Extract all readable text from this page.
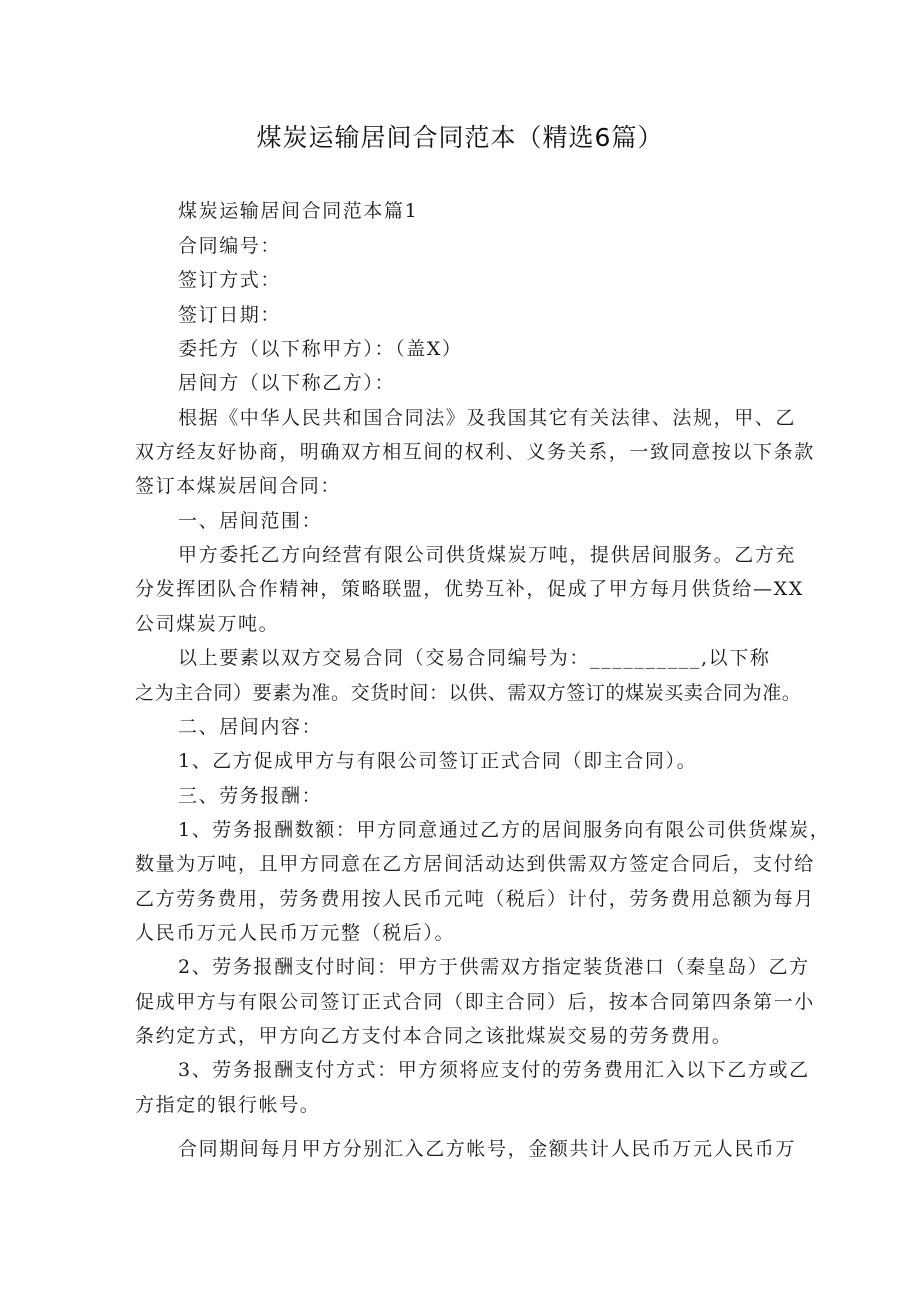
煤炭运输居间合同范本（精选6篇）
煤炭运输居间合同范本篇1
合同编号：
签订方式：
签订日期：
委托方（以下称甲方）：（盖X）
居间方（以下称乙方）：
根据《中华人民共和国合同法》及我国其它有关法律、法规，甲、乙
双方经友好协商，明确双方相互间的权利、义务关系，一致同意按以下条款
签订本煤炭居间合同：
一、居间范围：
甲方委托乙方向经营有限公司供货煤炭万吨，提供居间服务。乙方充
分发挥团队合作精神，策略联盟，优势互补，促成了甲方每月供货给—XX
公司煤炭万吨。
以上要素以双方交易合同（交易合同编号为：__________,以下称
之为主合同）要素为准。交货时间：以供、需双方签订的煤炭买卖合同为准。
二、居间内容：
1、乙方促成甲方与有限公司签订正式合同（即主合同）。
三、劳务报酬：
1、劳务报酬数额：甲方同意通过乙方的居间服务向有限公司供货煤炭，
数量为万吨，且甲方同意在乙方居间活动达到供需双方签定合同后，支付给
乙方劳务费用，劳务费用按人民币元吨（税后）计付，劳务费用总额为每月
人民币万元人民币万元整（税后）。
2、劳务报酬支付时间：甲方于供需双方指定装货港口（秦皇岛）乙方
促成甲方与有限公司签订正式合同（即主合同）后，按本合同第四条第一小
条约定方式，甲方向乙方支付本合同之该批煤炭交易的劳务费用。
3、劳务报酬支付方式：甲方须将应支付的劳务费用汇入以下乙方或乙
方指定的银行帐号。
合同期间每月甲方分别汇入乙方帐号，金额共计人民币万元人民币万
